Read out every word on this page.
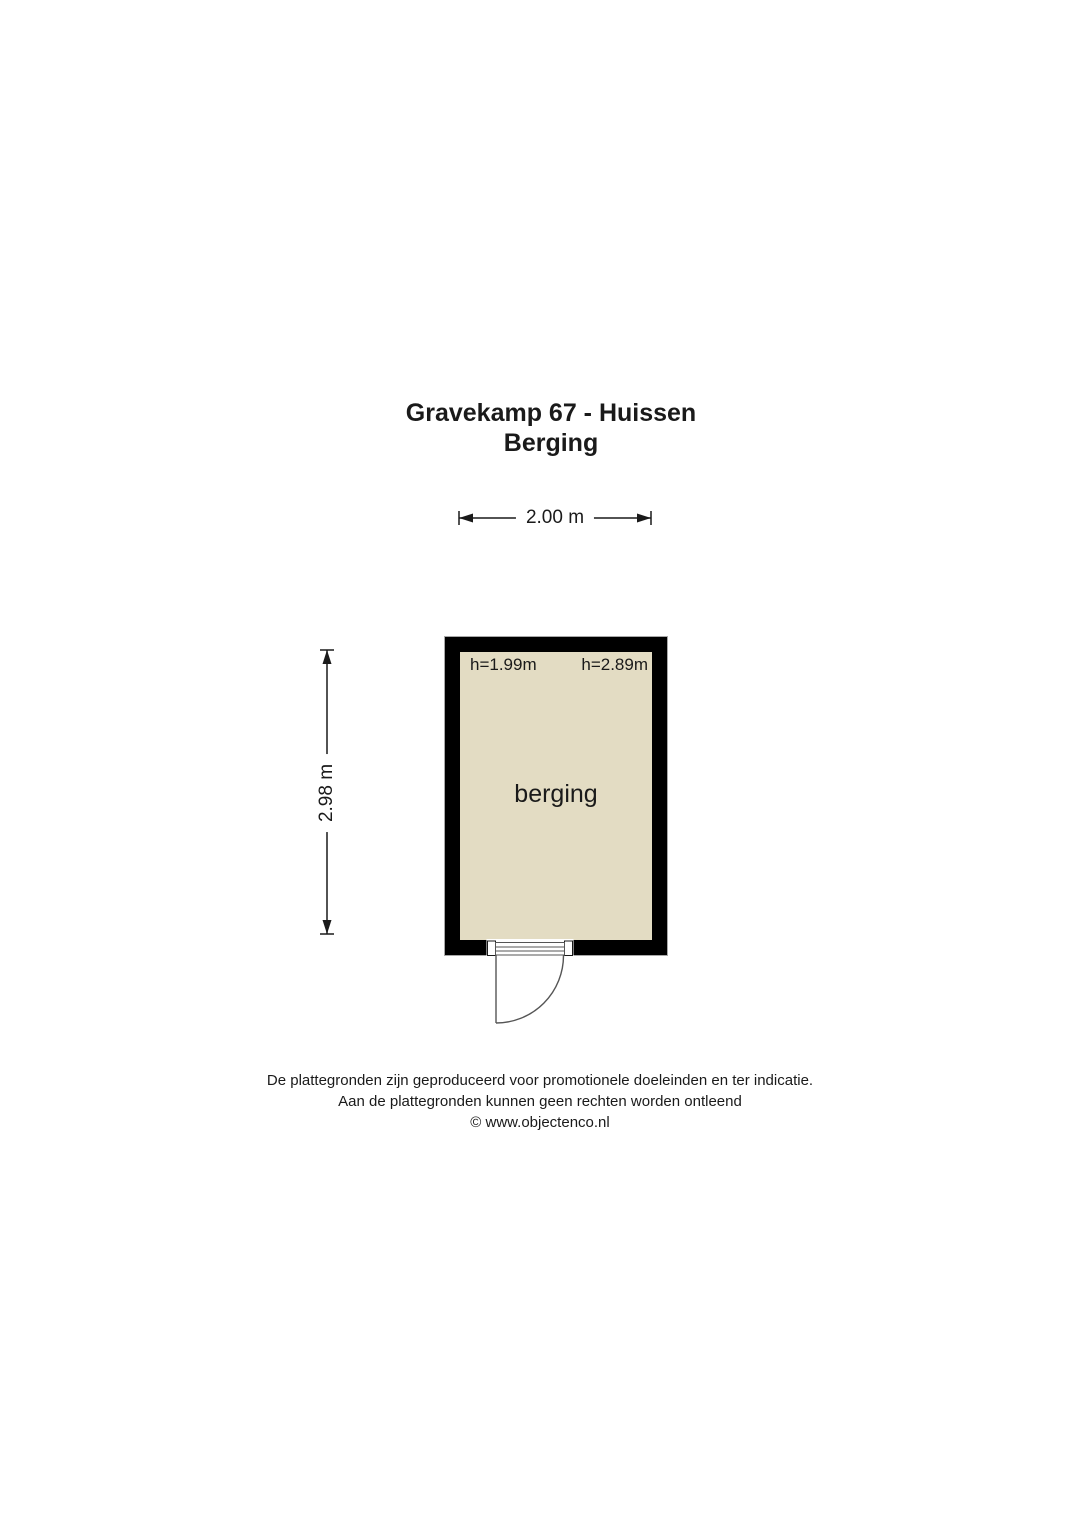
Gravekamp 67 - Huissen
Berging
2.00 m
2.98 m
h=1.99m	h=2.89m
berging
De plattegronden zijn geproduceerd voor promotionele doeleinden en ter indicatie.
Aan de plattegronden kunnen geen rechten worden ontleend
© www.objectenco.nl
